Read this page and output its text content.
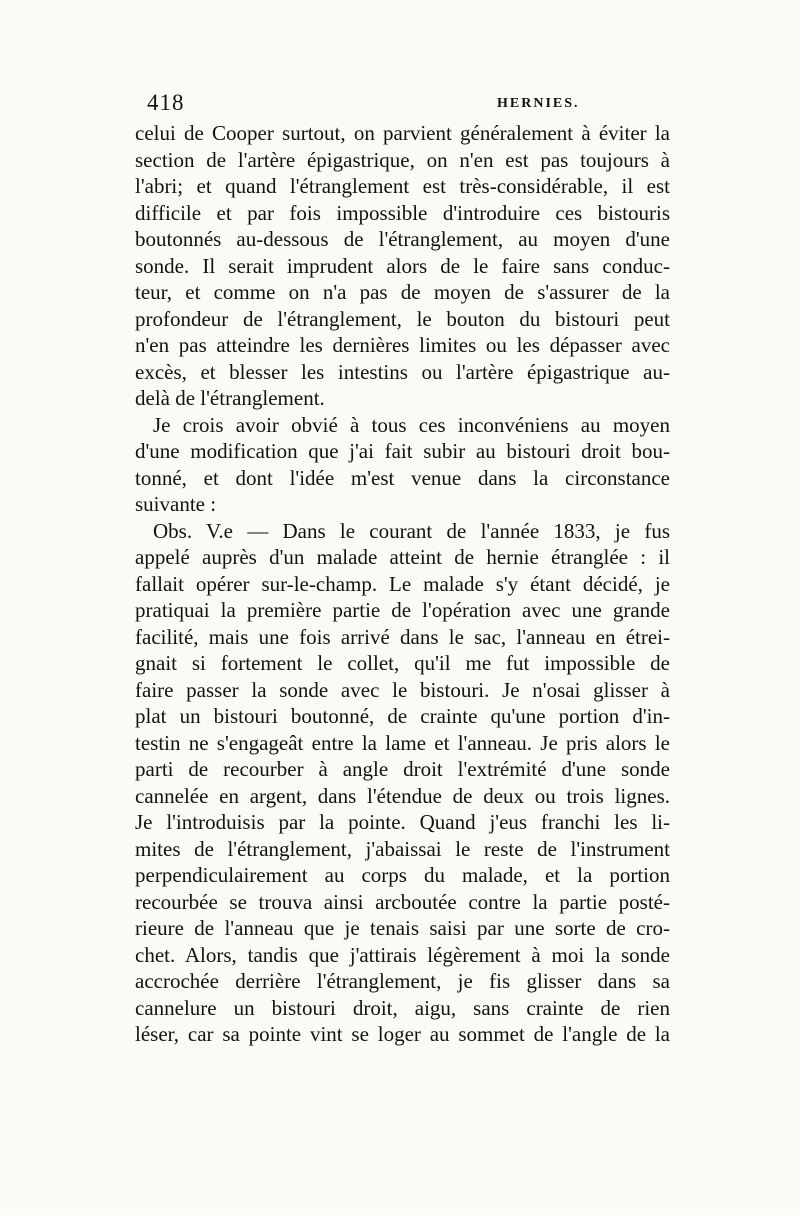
418	HERNIES.
celui de Cooper surtout, on parvient généralement à éviter la
section de l'artère épigastrique, on n'en est pas toujours à
l'abri; et quand l'étranglement est très-considérable, il est
difficile et par fois impossible d'introduire ces bistouris
boutonnés au-dessous de l'étranglement, au moyen d'une
sonde. Il serait imprudent alors de le faire sans conduc-
teur, et comme on n'a pas de moyen de s'assurer de la
profondeur de l'étranglement, le bouton du bistouri peut
n'en pas atteindre les dernières limites ou les dépasser avec
excès, et blesser les intestins ou l'artère épigastrique au-
delà de l'étranglement.
Je crois avoir obvié à tous ces inconvéniens au moyen
d'une modification que j'ai fait subir au bistouri droit bou-
tonné, et dont l'idée m'est venue dans la circonstance
suivante :
Obs. V.e — Dans le courant de l'année 1833, je fus
appelé auprès d'un malade atteint de hernie étranglée : il
fallait opérer sur-le-champ. Le malade s'y étant décidé, je
pratiquai la première partie de l'opération avec une grande
facilité, mais une fois arrivé dans le sac, l'anneau en étrei-
gnait si fortement le collet, qu'il me fut impossible de
faire passer la sonde avec le bistouri. Je n'osai glisser à
plat un bistouri boutonné, de crainte qu'une portion d'in-
testin ne s'engageât entre la lame et l'anneau. Je pris alors le
parti de recourber à angle droit l'extrémité d'une sonde
cannelée en argent, dans l'étendue de deux ou trois lignes.
Je l'introduisis par la pointe. Quand j'eus franchi les li-
mites de l'étranglement, j'abaissai le reste de l'instrument
perpendiculairement au corps du malade, et la portion
recourbée se trouva ainsi arcboutée contre la partie posté-
rieure de l'anneau que je tenais saisi par une sorte de cro-
chet. Alors, tandis que j'attirais légèrement à moi la sonde
accrochée derrière l'étranglement, je fis glisser dans sa
cannelure un bistouri droit, aigu, sans crainte de rien
léser, car sa pointe vint se loger au sommet de l'angle de la
